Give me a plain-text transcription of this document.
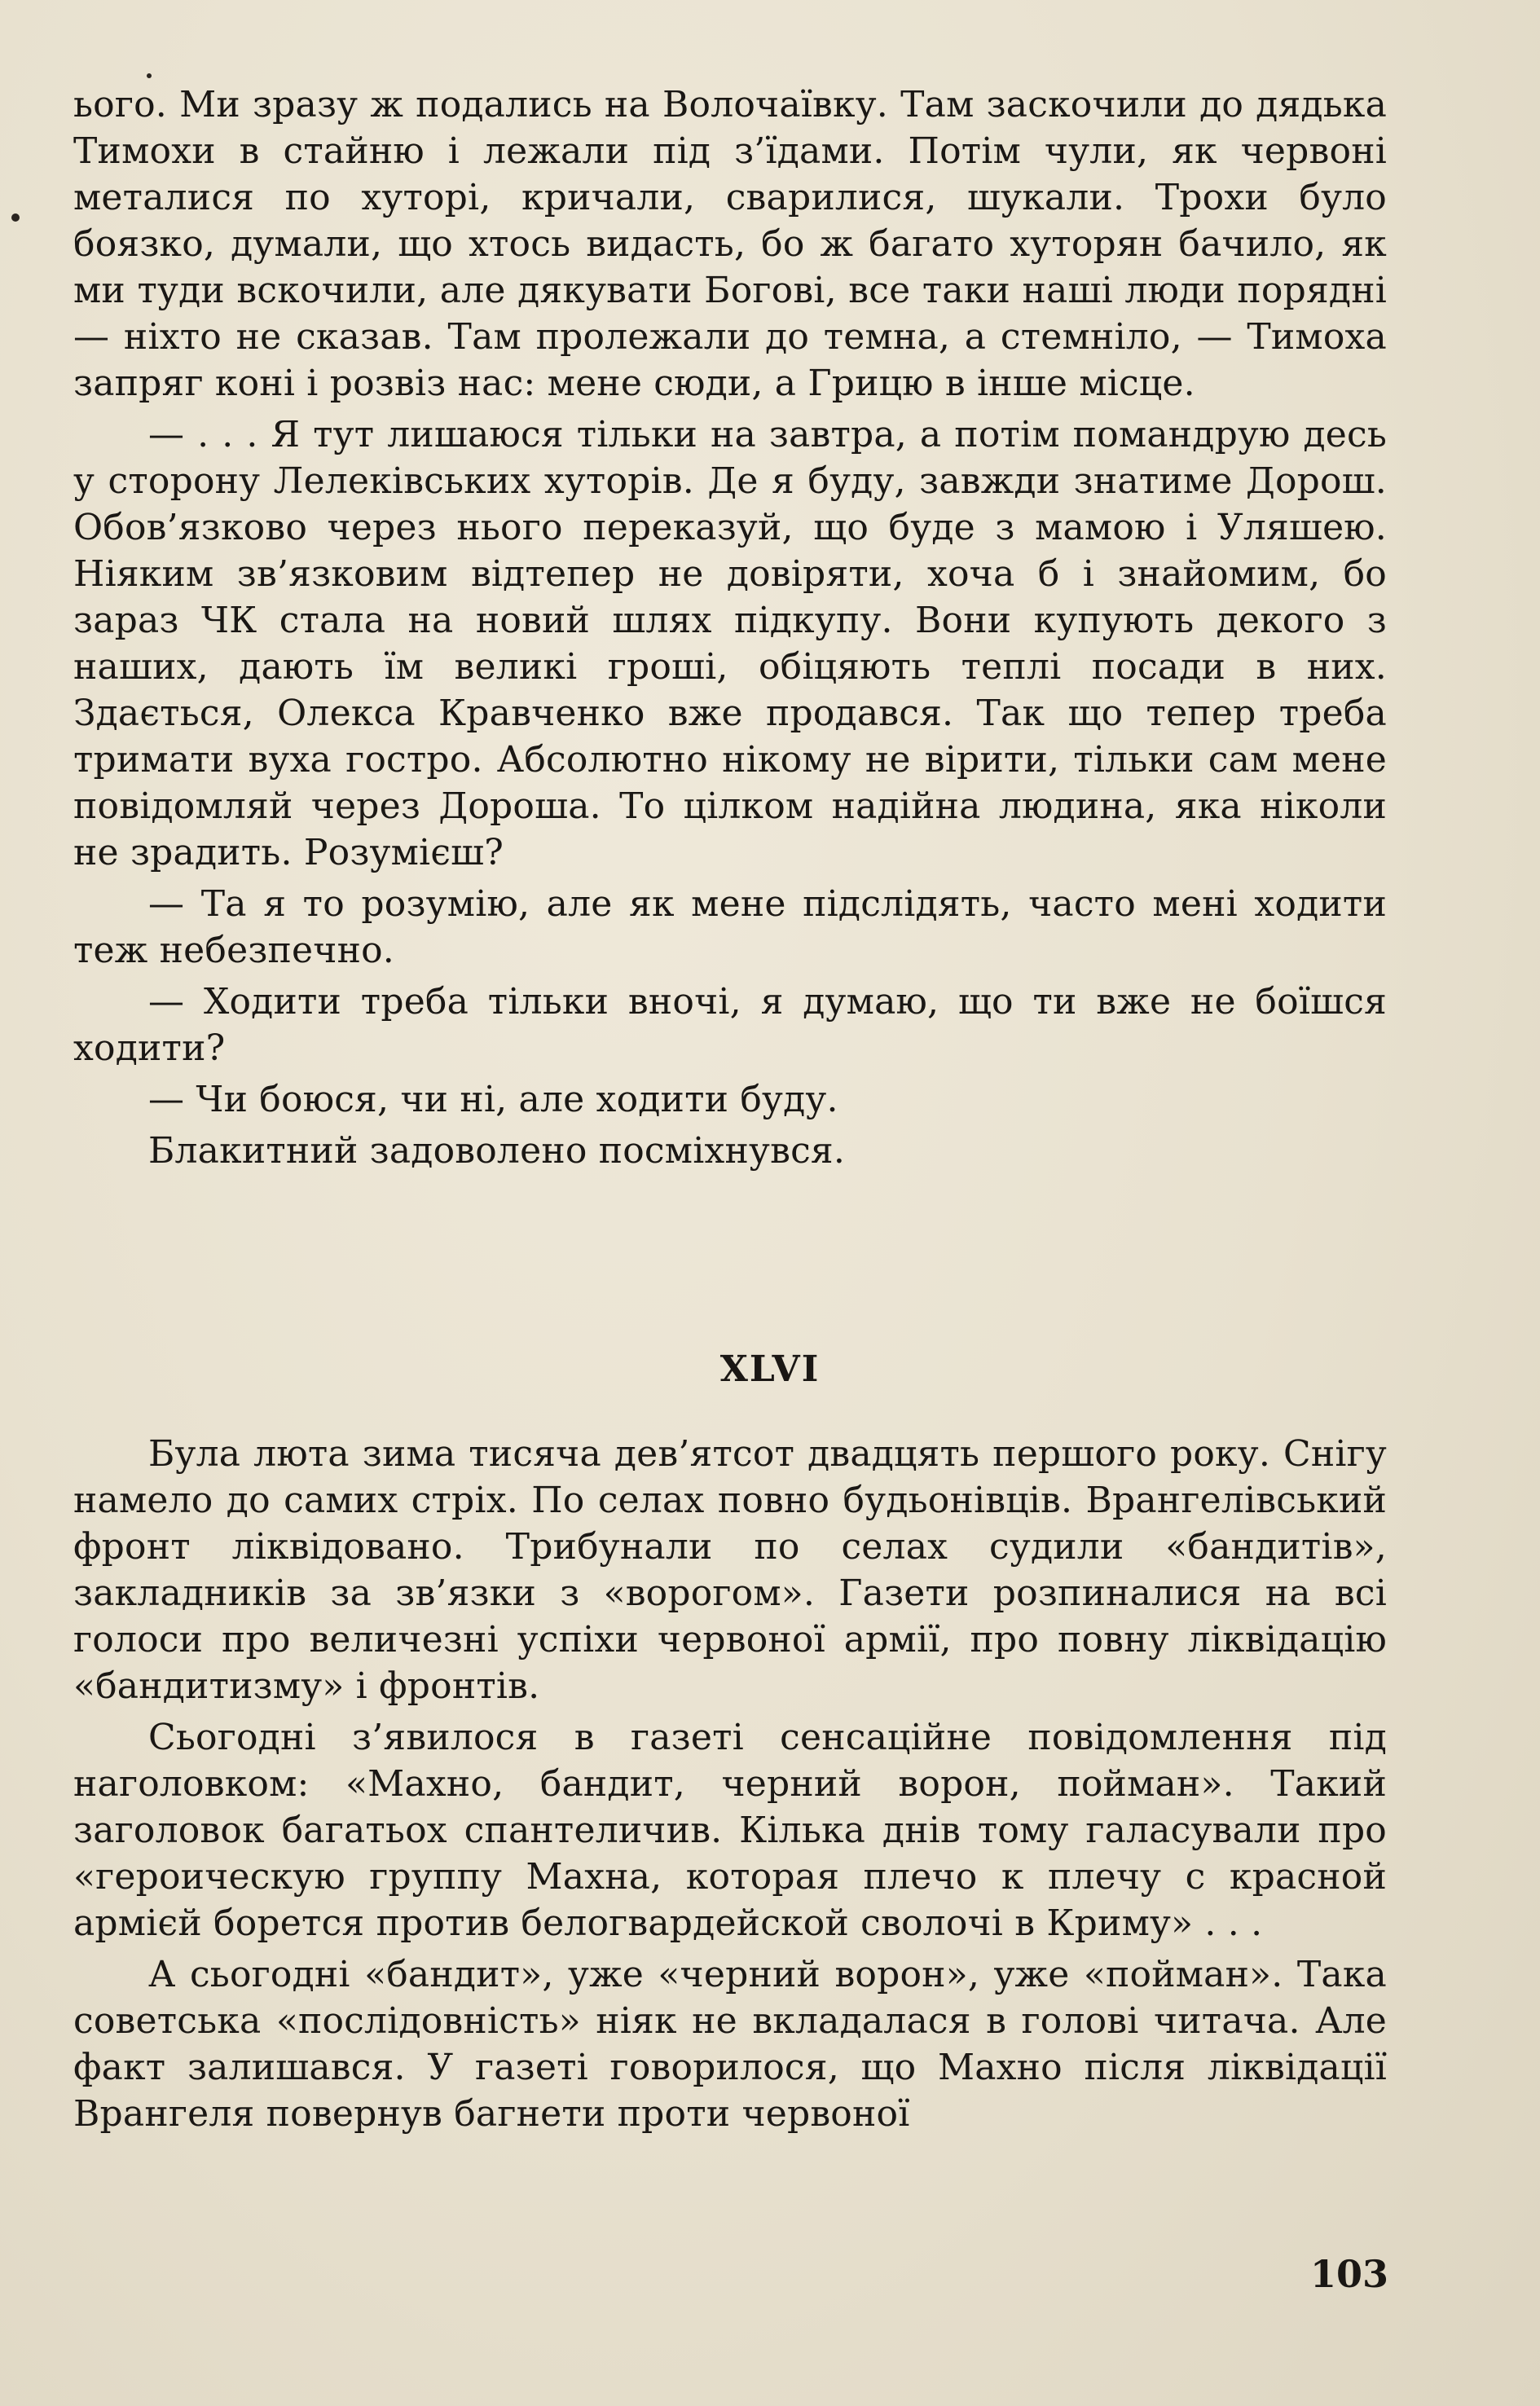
ього. Ми зразу ж подались на Волочаївку. Там заскочили до дядька Тимохи в стайню і лежали під з’їдами. Потім чули, як червоні металися по хуторі, кричали, сварилися, шукали. Трохи було боязко, думали, що хтось видасть, бо ж багато хуторян бачило, як ми туди вскочили, але дякувати Богові, все таки наші люди порядні — ніхто не сказав. Там пролежали до темна, а стемніло, — Тимоха запряг коні і розвіз нас: мене сюди, а Грицю в інше місце.

— . . . Я тут лишаюся тільки на завтра, а потім помандрую десь у сторону Лелеківських хуторів. Де я буду, завжди знатиме Дорош. Обов’язково через нього переказуй, що буде з мамою і Уляшею. Ніяким зв’язковим відтепер не довіряти, хоча б і знайомим, бо зараз ЧК стала на новий шлях підкупу. Вони купують декого з наших, дають їм великі гроші, обіцяють теплі посади в них. Здається, Олекса Кравченко вже продався. Так що тепер треба тримати вуха гостро. Абсолютно нікому не вірити, тільки сам мене повідомляй через Дороша. То цілком надійна людина, яка ніколи не зрадить. Розумієш?

— Та я то розумію, але як мене підслідять, часто мені ходити теж небезпечно.

— Ходити треба тільки вночі, я думаю, що ти вже не боїшся ходити?

— Чи боюся, чи ні, але ходити буду.

Блакитний задоволено посміхнувся.

XLVI

Була люта зима тисяча дев’ятсот двадцять першого року. Снігу намело до самих стріх. По селах повно будьонівців. Врангелівський фронт ліквідовано. Трибунали по селах судили «бандитів», закладників за зв’язки з «ворогом». Газети розпиналися на всі голоси про величезні успіхи червоної армії, про повну ліквідацію «бандитизму» і фронтів.

Сьогодні з’явилося в газеті сенсаційне повідомлення під наголовком: «Махно, бандит, черний ворон, пойман». Такий заголовок багатьох спантеличив. Кілька днів тому галасували про «героическую группу Махна, которая плечо к плечу с красной армієй борется против белогвардейской сволочі в Криму» . . .

А сьогодні «бандит», уже «черний ворон», уже «пойман». Така советська «послідовність» ніяк не вкладалася в голові читача. Але факт залишався. У газеті говорилося, що Махно після ліквідації Врангеля повернув багнети проти червоної

103
